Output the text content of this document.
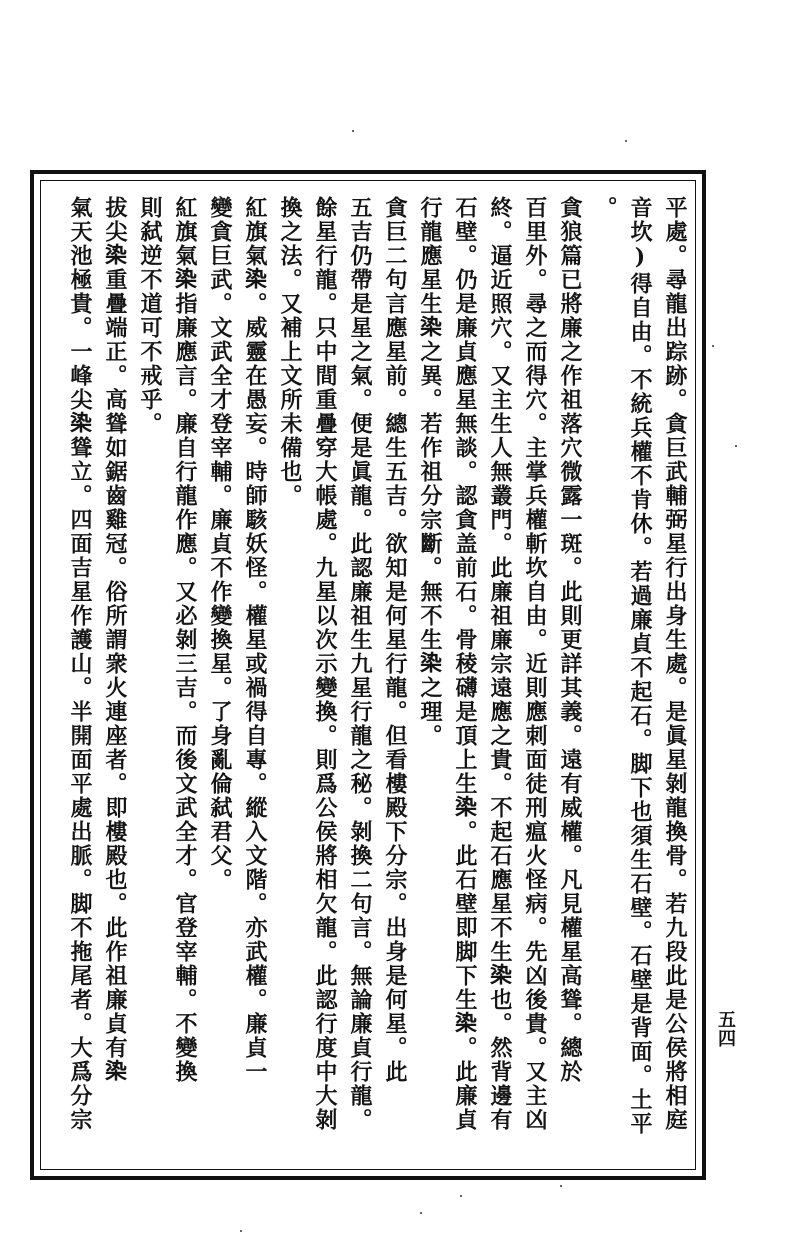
平處。尋龍出踪跡。貪巨武輔弼星行出身生處。是眞星剝龍換骨。若九段此是公侯將相庭
音坎)得自由。不統兵權不肯休。若過廉貞不起石。脚下也須生石壁。石壁是背面。土平
。
貪狼篇已將廉之作祖落穴微露一斑。此則更詳其義。遠有威權。凡見權星高聳。總於
百里外。尋之而得穴。主掌兵權斬坎自由。近則應刺面徒刑瘟火怪病。先凶後貴。又主凶
終。逼近照穴。又主生人無叢門。此廉祖廉宗遠應之貴。不起石應星不生𣑱也。然背邊有
石壁。仍是廉貞應星無談。認貪盖前石。骨稜礴是頂上生𣑱。此石壁即脚下生𣑱。此廉貞
行龍應星生𣑱之異。若作祖分宗斷。無不生𣑱之理。
貪巨二句言應星前。總生五吉。欲知是何星行龍。但看樓殿下分宗。出身是何星。此
五吉仍帶是星之氣。便是眞龍。此認廉祖生九星行龍之秘。剝換二句言。無論廉貞行龍。
餘星行龍。只中間重疊穿大帳處。九星以次示變換。則爲公侯將相欠龍。此認行度中大剝
換之法。又補上文所未備也。
紅旗氣𣑱。威靈在愚妄。時師駭妖怪。權星或禍得自專。縱入文階。亦武權。廉貞一
變貪巨武。文武全才登宰輔。廉貞不作變換星。了身亂倫弑君父。
紅旗氣𣑱指廉應言。廉自行龍作應。又必剝三吉。而後文武全才。官登宰輔。不變換
則弑逆不道可不戒乎。
拔尖𣑱重疊端正。高聳如鋸齒雞冠。俗所謂衆火連座者。即樓殿也。此作祖廉貞有𣑱
氣天池極貴。一峰尖𣑱聳立。四面吉星作護山。半開面平處出脈。脚不拖尾者。大爲分宗	五四
